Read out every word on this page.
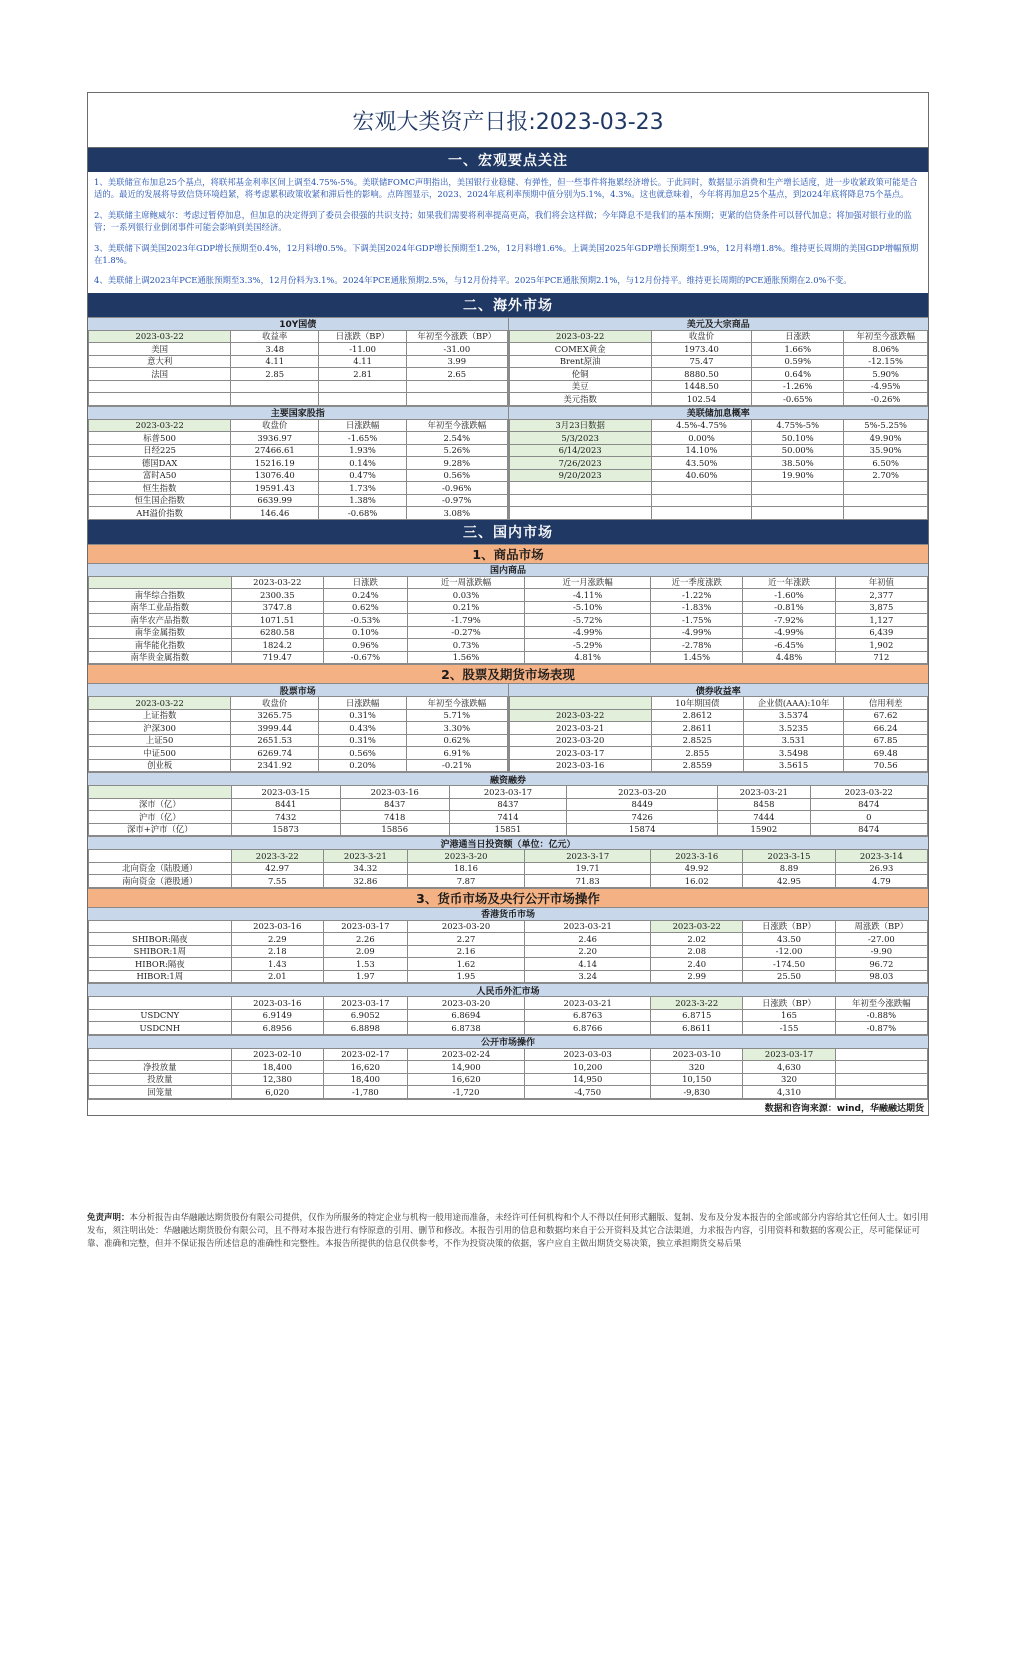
宏观大类资产日报:2023-03-23
一、宏观要点关注

1、美联储宣布加息25个基点，将联邦基金利率区间上调至4.75%-5%。美联储FOMC声明指出，美国银行业稳健、有弹性，但一些事件将拖累经济增长。于此同时，数据显示消费和生产增长适度，进一步收紧政策可能是合适的。最近的发展将导致信贷环境趋紧，将考虑累积政策收紧和滞后性的影响。点阵图显示，2023、2024年底利率预期中值分别为5.1%，4.3%。这也就意味着，今年将再加息25个基点，到2024年底将降息75个基点。

2、美联储主席鲍威尔：考虑过暂停加息，但加息的决定得到了委员会很强的共识支持；如果我们需要将利率提高更高，我们将会这样做；今年降息不是我们的基本预期；更紧的信贷条件可以替代加息；将加强对银行业的监管；一系列银行业倒闭事件可能会影响到美国经济。

3、美联储下调美国2023年GDP增长预期至0.4%，12月料增0.5%。下调美国2024年GDP增长预期至1.2%，12月料增1.6%。上调美国2025年GDP增长预期至1.9%，12月料增1.8%。维持更长周期的美国GDP增幅预期在1.8%。

4、美联储上调2023年PCE通胀预期至3.3%，12月份料为3.1%。2024年PCE通胀预期2.5%，与12月份持平。2025年PCE通胀预期2.1%，与12月份持平。维持更长周期的PCE通胀预期在2.0%不变。

二、海外市场
10Y国债
2023-03-22	收益率	日涨跌（BP）	年初至今涨跌（BP）
美国	3.48	-11.00	-31.00
意大利	4.11	4.11	3.99
法国	2.85	2.81	2.65

美元及大宗商品
2023-03-22	收盘价	日涨跌	年初至今涨跌幅
COMEX黄金	1973.40	1.66%	8.06%
Brent原油	75.47	0.59%	-12.15%
伦铜	8880.50	0.64%	5.90%
美豆	1448.50	-1.26%	-4.95%
美元指数	102.54	-0.65%	-0.26%
主要国家股指
2023-03-22	收盘价	日涨跌幅	年初至今涨跌幅
标普500	3936.97	-1.65%	2.54%
日经225	27466.61	1.93%	5.26%
德国DAX	15216.19	0.14%	9.28%
富时A50	13076.40	0.47%	0.56%
恒生指数	19591.43	1.73%	-0.96%
恒生国企指数	6639.99	1.38%	-0.97%
AH溢价指数	146.46	-0.68%	3.08%
美联储加息概率
3月23日数据	4.5%-4.75%	4.75%-5%	5%-5.25%
5/3/2023	0.00%	50.10%	49.90%
6/14/2023	14.10%	50.00%	35.90%
7/26/2023	43.50%	38.50%	6.50%
9/20/2023	40.60%	19.90%	2.70%

三、国内市场
1、商品市场
国内商品
	2023-03-22	日涨跌	近一周涨跌幅	近一月涨跌幅	近一季度涨跌	近一年涨跌	年初值
南华综合指数	2300.35	0.24%	0.03%	-4.11%	-1.22%	-1.60%	2,377
南华工业品指数	3747.8	0.62%	0.21%	-5.10%	-1.83%	-0.81%	3,875
南华农产品指数	1071.51	-0.53%	-1.79%	-5.72%	-1.75%	-7.92%	1,127
南华金属指数	6280.58	0.10%	-0.27%	-4.99%	-4.99%	-4.99%	6,439
南华能化指数	1824.2	0.96%	0.73%	-5.29%	-2.78%	-6.45%	1,902
南华贵金属指数	719.47	-0.67%	1.56%	4.81%	1.45%	4.48%	712
2、股票及期货市场表现
股票市场
2023-03-22	收盘价	日涨跌幅	年初至今涨跌幅
上证指数	3265.75	0.31%	5.71%
沪深300	3999.44	0.43%	3.30%
上证50	2651.53	0.31%	0.62%
中证500	6269.74	0.56%	6.91%
创业板	2341.92	0.20%	-0.21%
债券收益率
	10年期国债	企业债(AAA):10年	信用利差
2023-03-22	2.8612	3.5374	67.62
2023-03-21	2.8611	3.5235	66.24
2023-03-20	2.8525	3.531	67.85
2023-03-17	2.855	3.5498	69.48
2023-03-16	2.8559	3.5615	70.56
融资融券
	2023-03-15	2023-03-16	2023-03-17	2023-03-20	2023-03-21	2023-03-22
深市（亿）	8441	8437	8437	8449	8458	8474
沪市（亿）	7432	7418	7414	7426	7444	0
深市+沪市（亿）	15873	15856	15851	15874	15902	8474
沪港通当日投资额（单位：亿元）
	2023-3-22	2023-3-21	2023-3-20	2023-3-17	2023-3-16	2023-3-15	2023-3-14
北向资金（陆股通）	42.97	34.32	18.16	19.71	49.92	8.89	26.93
南向资金（港股通）	7.55	32.86	7.87	71.83	16.02	42.95	4.79
3、货币市场及央行公开市场操作
香港货币市场
	2023-03-16	2023-03-17	2023-03-20	2023-03-21	2023-03-22	日涨跌（BP）	周涨跌（BP）
SHIBOR:隔夜	2.29	2.26	2.27	2.46	2.02	43.50	-27.00
SHIBOR:1周	2.18	2.09	2.16	2.20	2.08	-12.00	-9.90
HIBOR:隔夜	1.43	1.53	1.62	4.14	2.40	-174.50	96.72
HIBOR:1周	2.01	1.97	1.95	3.24	2.99	25.50	98.03
人民币外汇市场
	2023-03-16	2023-03-17	2023-03-20	2023-03-21	2023-3-22	日涨跌（BP）	年初至今涨跌幅
USDCNY	6.9149	6.9052	6.8694	6.8763	6.8715	165	-0.88%
USDCNH	6.8956	6.8898	6.8738	6.8766	6.8611	-155	-0.87%
公开市场操作
	2023-02-10	2023-02-17	2023-02-24	2023-03-03	2023-03-10	2023-03-17	
净投放量	18,400	16,620	14,900	10,200	320	4,630	
投放量	12,380	18,400	16,620	14,950	10,150	320	
回笼量	6,020	-1,780	-1,720	-4,750	-9,830	4,310	
数据和咨询来源：wind，华融融达期货
免责声明：本分析报告由华融融达期货股份有限公司提供，仅作为所服务的特定企业与机构一般用途而准备，未经许可任何机构和个人不得以任何形式翻版、复制、发布及分发本报告的全部或部分内容给其它任何人士。如引用发布，须注明出处：华融融达期货股份有限公司，且不得对本报告进行有悖原意的引用、删节和修改。本报告引用的信息和数据均来自于公开资料及其它合法渠道，力求报告内容，引用资料和数据的客观公正，尽可能保证可靠、准确和完整，但并不保证报告所述信息的准确性和完整性。本报告所提供的信息仅供参考，不作为投资决策的依据，客户应自主做出期货交易决策，独立承担期货交易后果
